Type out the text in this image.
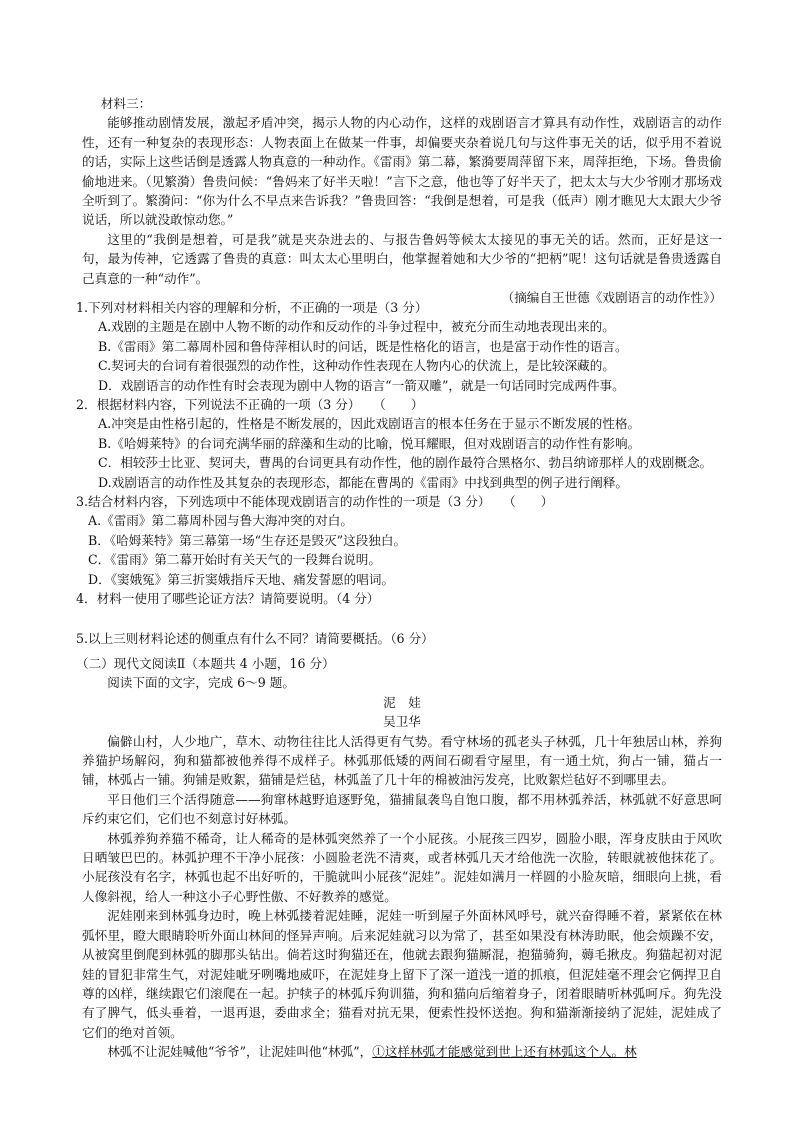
材料三：

能够推动剧情发展，激起矛盾冲突，揭示人物的内心动作，这样的戏剧语言才算具有动作性，戏剧语言的动作性，还有一种复杂的表现形态：人物表面上在做某一件事，却偏要夹杂着说几句与这件事无关的话，似乎用不着说的话，实际上这些话倒是透露人物真意的一种动作。《雷雨》第二幕，繁漪要周萍留下来，周萍拒绝，下场。鲁贵偷偷地进来。（见繁漪）鲁贵问候：“鲁妈来了好半天啦！”言下之意，他也等了好半天了，把太太与大少爷刚才那场戏全听到了。繁漪问：“你为什么不早点来告诉我？”鲁贵回答：“我倒是想着，可是我（低声）刚才瞧见大太跟大少爷说话，所以就没敢惊动您。”

这里的“我倒是想着，可是我”就是夹杂进去的、与报告鲁妈等候太太接见的事无关的话。然而，正好是这一句，最为传神，它透露了鲁贵的真意：叫太太心里明白，他掌握着她和大少爷的“把柄”呢！这句话就是鲁贵透露自己真意的一种“动作”。

（摘编自王世德《戏剧语言的动作性》）

1.下列对材料相关内容的理解和分析，不正确的一项是（3 分）

A.戏剧的主题是在剧中人物不断的动作和反动作的斗争过程中，被充分而生动地表现出来的。

B.《雷雨》第二幕周朴园和鲁侍萍相认时的问话，既是性格化的语言，也是富于动作性的语言。

C.契诃夫的台词有着很强烈的动作性，这种动作性表现在人物内心的伏流上，是比较深藏的。

D．戏剧语言的动作性有时会表现为剧中人物的语言“一箭双雕”，就是一句话同时完成两件事。

2．根据材料内容，下列说法不正确的一项（3 分）　　（　　）

A.冲突是由性格引起的，性格是不断发展的，因此戏剧语言的根本任务在于显示不断发展的性格。

B.《哈姆莱特》的台词充满华丽的辞藻和生动的比喻，悦耳耀眼，但对戏剧语言的动作性有影响。

C．相较莎士比亚、契诃夫，曹禺的台词更具有动作性，他的剧作最符合黑格尔、勃吕纳谛那样人的戏剧概念。

D.戏剧语言的动作性及其复杂的表现形态，都能在曹禺的《雷雨》中找到典型的例子进行阐释。

3.结合材料内容，下列选项中不能体现戏剧语言的动作性的一项是（3 分）　　（　　）

A.《雷雨》第二幕周朴园与鲁大海冲突的对白。

B．《哈姆莱特》第三幕第一场“生存还是毁灭”这段独白。

C．《雷雨》第二幕开始时有关天气的一段舞台说明。

D．《窦娥冤》第三折窦娥指斥天地、痛发誓愿的唱词。

4．材料一使用了哪些论证方法？请简要说明。（4 分）

5.以上三则材料论述的侧重点有什么不同？请简要概括。（6 分）

（二）现代文阅读Ⅱ（本题共 4 小题，16 分）

阅读下面的文字，完成 6～9 题。

泥　娃

吴卫华

偏僻山村，人少地广，草木、动物往往比人活得更有气势。看守林场的孤老头子林弧，几十年独居山林，养狗养猫护场解闷，狗和猫都被他养得不成样子。林弧那低矮的两间石砌看守屋里，有一通土炕，狗占一铺，猫占一铺，林弧占一铺。狗铺是败絮，猫铺是烂毡，林弧盖了几十年的棉被油污发亮，比败絮烂毡好不到哪里去。

平日他们三个活得随意——狗窜林越野追逐野兔，猫捕鼠袭鸟自饱口腹，都不用林弧养活，林弧就不好意思呵斥约束它们，它们也不刻意讨好林弧。

林弧养狗养猫不稀奇，让人稀奇的是林弧突然养了一个小屁孩。小屁孩三四岁，圆脸小眼，浑身皮肤由于风吹日晒皱巴巴的。林弧护理不干净小屁孩：小圆脸老洗不清爽，或者林弧几天才给他洗一次脸，转眼就被他抹花了。小屁孩没有名字，林弧也起不出好听的，干脆就叫小屁孩“泥娃”。泥娃如满月一样圆的小脸灰暗，细眼向上挑，看人像斜视，给人一种这小子心野性傲、不好教养的感觉。

泥娃刚来到林弧身边时，晚上林弧搂着泥娃睡，泥娃一听到屋子外面林风呼号，就兴奋得睡不着，紧紧依在林弧怀里，瞪大眼睛聆听外面山林间的怪异声响。后来泥娃就习以为常了，甚至如果没有林涛助眠，他会烦躁不安，从被窝里倒爬到林弧的脚那头钻出。倘若这时狗猫还在，他就去跟狗猫厮混，抱猫骑狗，薅毛揪皮。狗猫起初对泥娃的冒犯非常生气，对泥娃呲牙咧嘴地威吓，在泥娃身上留下了深一道浅一道的抓痕，但泥娃毫不理会它俩捍卫自尊的凶样，继续跟它们滚爬在一起。护犊子的林弧斥狗训猫，狗和猫向后缩着身子，闭着眼睛听林弧呵斥。狗先没有了脾气，低头垂着，一退再退，委曲求全；猫看对抗无果，便索性投怀送抱。狗和猫渐渐接纳了泥娃，泥娃成了它们的绝对首领。

林弧不让泥娃喊他“爷爷”，让泥娃叫他“林弧”，①这样林弧才能感觉到世上还有林弧这个人。林
